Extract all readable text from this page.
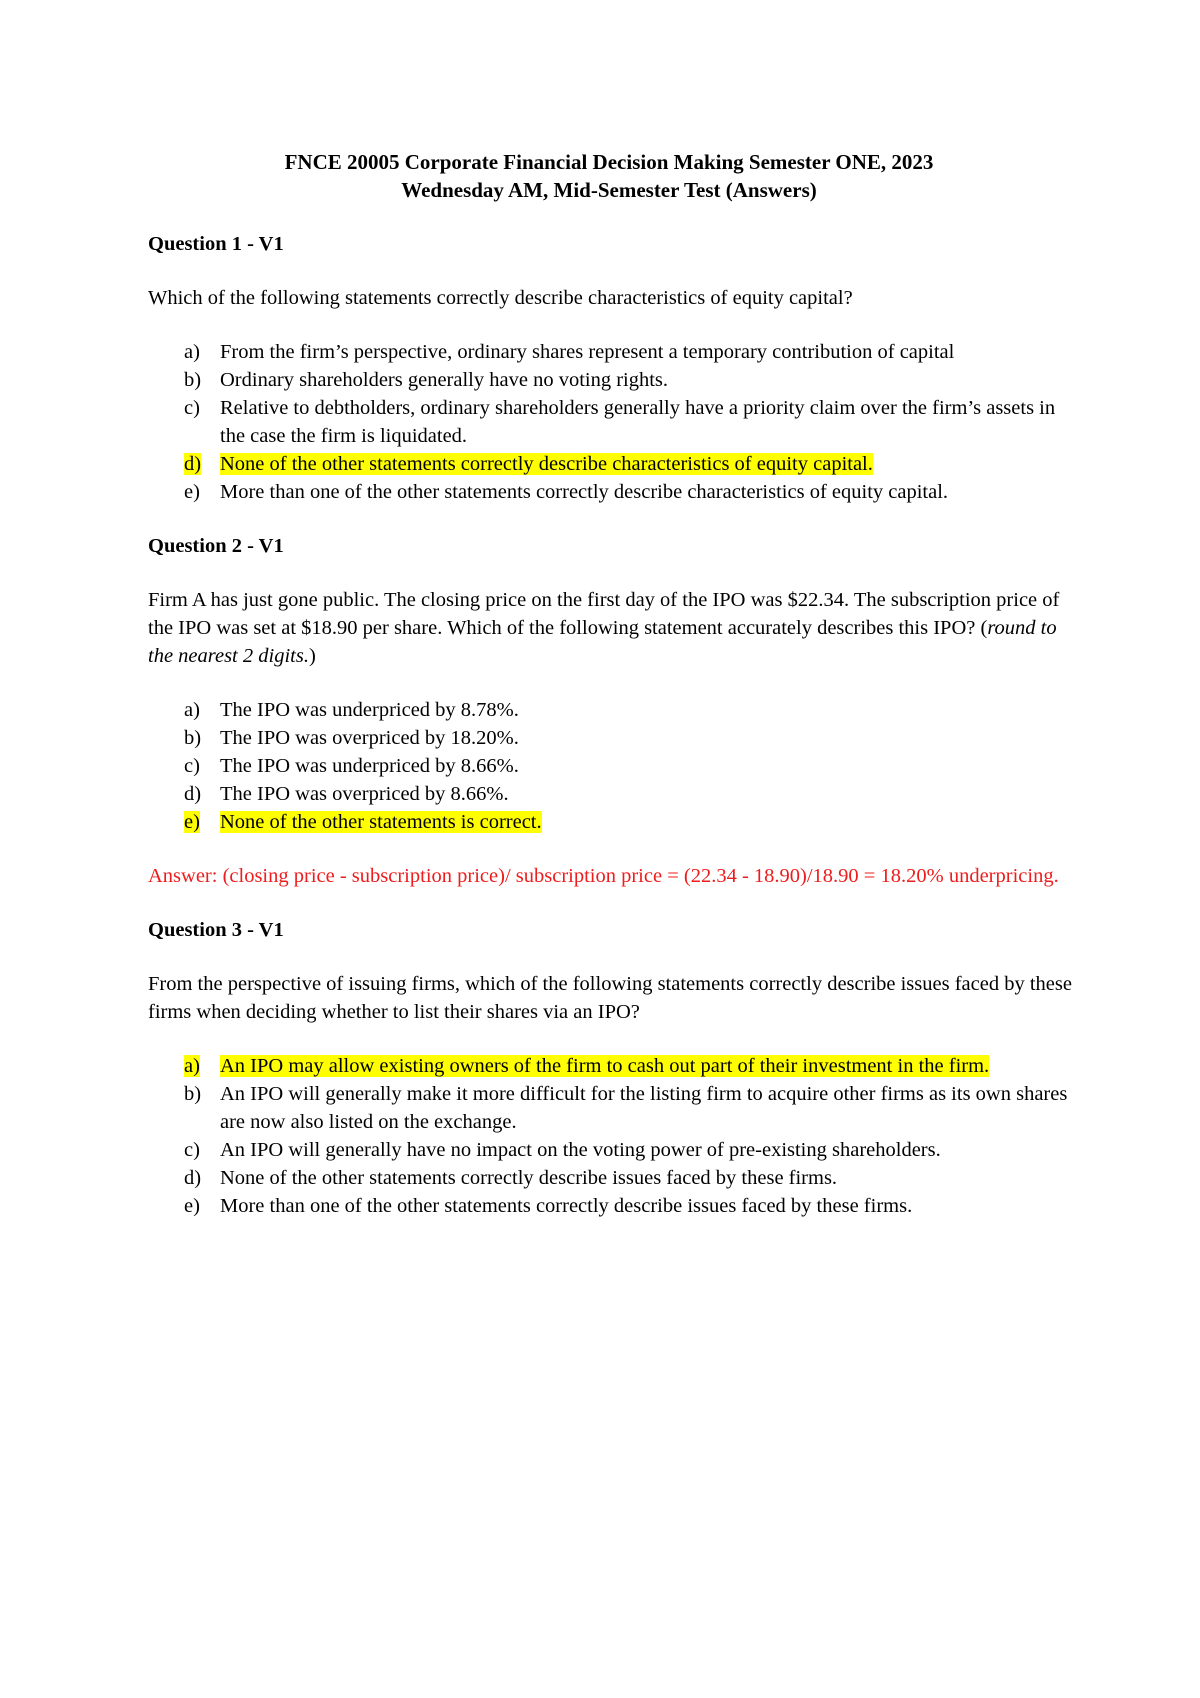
FNCE 20005 Corporate Financial Decision Making Semester ONE, 2023
Wednesday AM, Mid-Semester Test (Answers)
Question 1 - V1
Which of the following statements correctly describe characteristics of equity capital?
a) From the firm’s perspective, ordinary shares represent a temporary contribution of capital
b) Ordinary shareholders generally have no voting rights.
c) Relative to debtholders, ordinary shareholders generally have a priority claim over the firm’s assets in the case the firm is liquidated.
d) None of the other statements correctly describe characteristics of equity capital.
e) More than one of the other statements correctly describe characteristics of equity capital.
Question 2 - V1
Firm A has just gone public. The closing price on the first day of the IPO was $22.34. The subscription price of the IPO was set at $18.90 per share. Which of the following statement accurately describes this IPO? (round to the nearest 2 digits.)
a) The IPO was underpriced by 8.78%.
b) The IPO was overpriced by 18.20%.
c) The IPO was underpriced by 8.66%.
d) The IPO was overpriced by 8.66%.
e) None of the other statements is correct.
Answer: (closing price - subscription price)/ subscription price = (22.34 - 18.90)/18.90 = 18.20% underpricing.
Question 3 - V1
From the perspective of issuing firms, which of the following statements correctly describe issues faced by these firms when deciding whether to list their shares via an IPO?
a) An IPO may allow existing owners of the firm to cash out part of their investment in the firm.
b) An IPO will generally make it more difficult for the listing firm to acquire other firms as its own shares are now also listed on the exchange.
c) An IPO will generally have no impact on the voting power of pre-existing shareholders.
d) None of the other statements correctly describe issues faced by these firms.
e) More than one of the other statements correctly describe issues faced by these firms.
